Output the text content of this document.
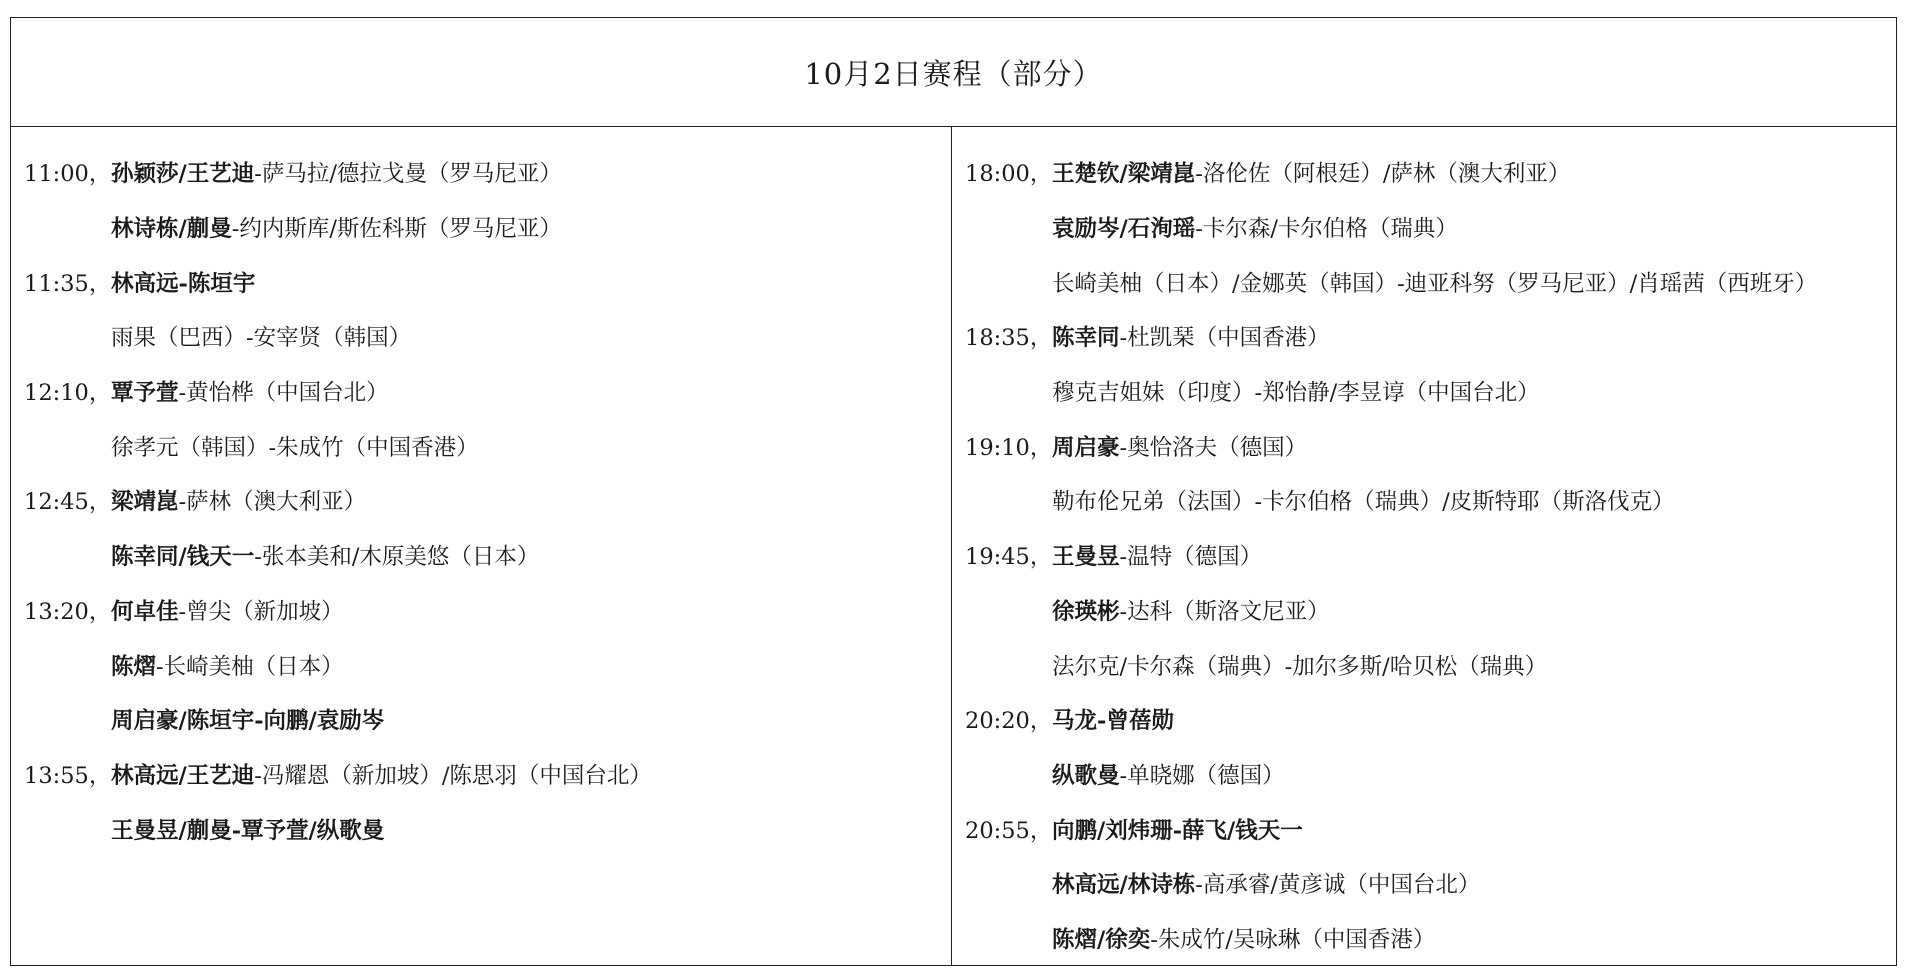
10月2日赛程（部分）
11:00， 孙颖莎/王艺迪 -萨马拉/德拉戈曼（罗马尼亚）
林诗栋/蒯曼 -约内斯库/斯佐科斯（罗马尼亚）
11:35， 林高远-陈垣宇
雨果（巴西）-安宰贤（韩国）
12:10， 覃予萱 -黄怡桦（中国台北）
徐孝元（韩国）-朱成竹（中国香港）
12:45， 梁靖崑 -萨林（澳大利亚）
陈幸同/钱天一 -张本美和/木原美悠（日本）
13:20， 何卓佳 -曾尖（新加坡）
陈熠 -长崎美柚（日本）
周启豪/陈垣宇-向鹏/袁励岑
13:55， 林高远/王艺迪 -冯耀恩（新加坡）/陈思羽（中国台北）
王曼昱/蒯曼-覃予萱/纵歌曼
18:00， 王楚钦/梁靖崑 -洛伦佐（阿根廷）/萨林（澳大利亚）
袁励岑/石洵瑶 -卡尔森/卡尔伯格（瑞典）
长崎美柚（日本）/金娜英（韩国）-迪亚科努（罗马尼亚）/肖瑶茜（西班牙）
18:35， 陈幸同 -杜凯琹（中国香港）
穆克吉姐妹（印度）-郑怡静/李昱谆（中国台北）
19:10， 周启豪 -奥恰洛夫（德国）
勒布伦兄弟（法国）-卡尔伯格（瑞典）/皮斯特耶（斯洛伐克）
19:45， 王曼昱 -温特（德国）
徐瑛彬 -达科（斯洛文尼亚）
法尔克/卡尔森（瑞典）-加尔多斯/哈贝松（瑞典）
20:20， 马龙-曾蓓勋
纵歌曼 -单晓娜（德国）
20:55， 向鹏/刘炜珊-薛飞/钱天一
林高远/林诗栋 -高承睿/黄彦诚（中国台北）
陈熠/徐奕 -朱成竹/吴咏琳（中国香港）
